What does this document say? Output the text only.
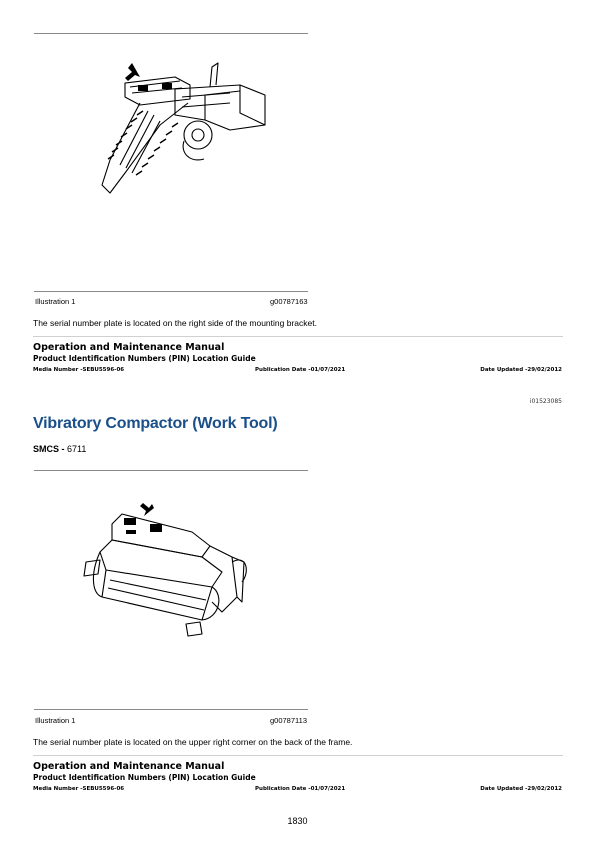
Illustration 1	g00787163
The serial number plate is located on the right side of the mounting bracket.
Operation and Maintenance Manual
Product Identification Numbers (PIN) Location Guide
Media Number -SEBU5596-06	Publication Date -01/07/2021	Date Updated -29/02/2012
i01523085
Vibratory Compactor (Work Tool)
SMCS - 6711
Illustration 1	g00787113
The serial number plate is located on the upper right corner on the back of the frame.
Operation and Maintenance Manual
Product Identification Numbers (PIN) Location Guide
Media Number -SEBU5596-06	Publication Date -01/07/2021	Date Updated -29/02/2012
1830
